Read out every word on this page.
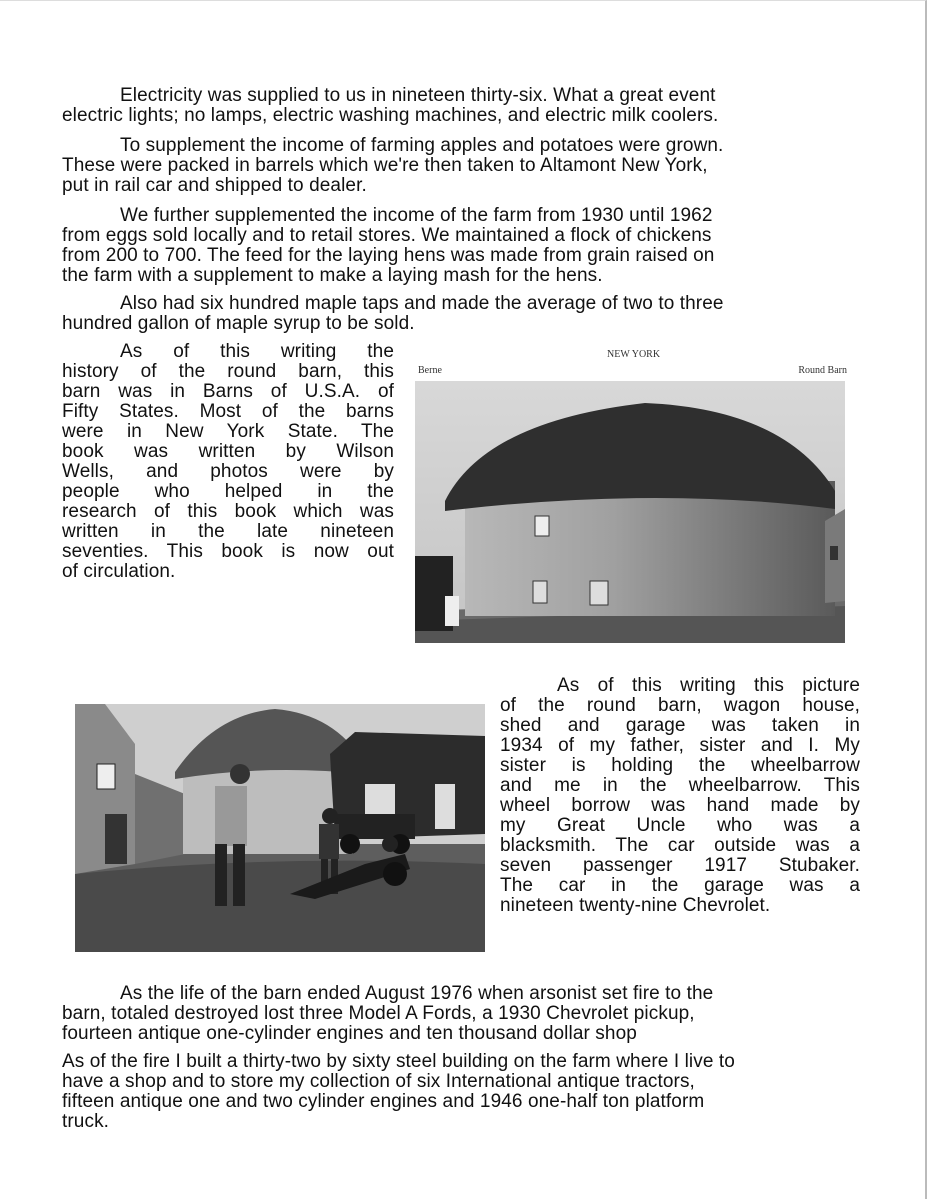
Electricity was supplied to us in nineteen thirty-six. What a great event
electric lights; no lamps, electric washing machines, and electric milk coolers.
To supplement the income of farming apples and potatoes were grown.
These were packed in barrels which we're then taken to Altamont New York,
put in rail car and shipped to dealer.
We further supplemented the income of the farm from 1930 until 1962
from eggs sold locally and to retail stores. We maintained a flock of chickens
from 200 to 700. The feed for the laying hens was made from grain raised on
the farm with a supplement to make a laying mash for the hens.
Also had six hundred maple taps and made the average of two to three
hundred gallon of maple syrup to be sold.
As of this writing the
history of the round barn, this
barn was in Barns of U.S.A. of
Fifty States. Most of the barns
were in New York State. The
book was written by Wilson
Wells, and photos were by
people who helped in the
research of this book which was
written in the late nineteen
seventies. This book is now out
of circulation.
NEW YORK
Berne	Round Barn
As of this writing this picture
of the round barn, wagon house,
shed and garage was taken in
1934 of my father, sister and I. My
sister is holding the wheelbarrow
and me in the wheelbarrow. This
wheel borrow was hand made by
my Great Uncle who was a
blacksmith. The car outside was a
seven passenger 1917 Stubaker.
The car in the garage was a
nineteen twenty-nine Chevrolet.
As the life of the barn ended August 1976 when arsonist set fire to the
barn, totaled destroyed lost three Model A Fords, a 1930 Chevrolet pickup,
fourteen antique one-cylinder engines and ten thousand dollar shop
As of the fire I built a thirty-two by sixty steel building on the farm where I live to
have a shop and to store my collection of six International antique tractors,
fifteen antique one and two cylinder engines and 1946 one-half ton platform
truck.
